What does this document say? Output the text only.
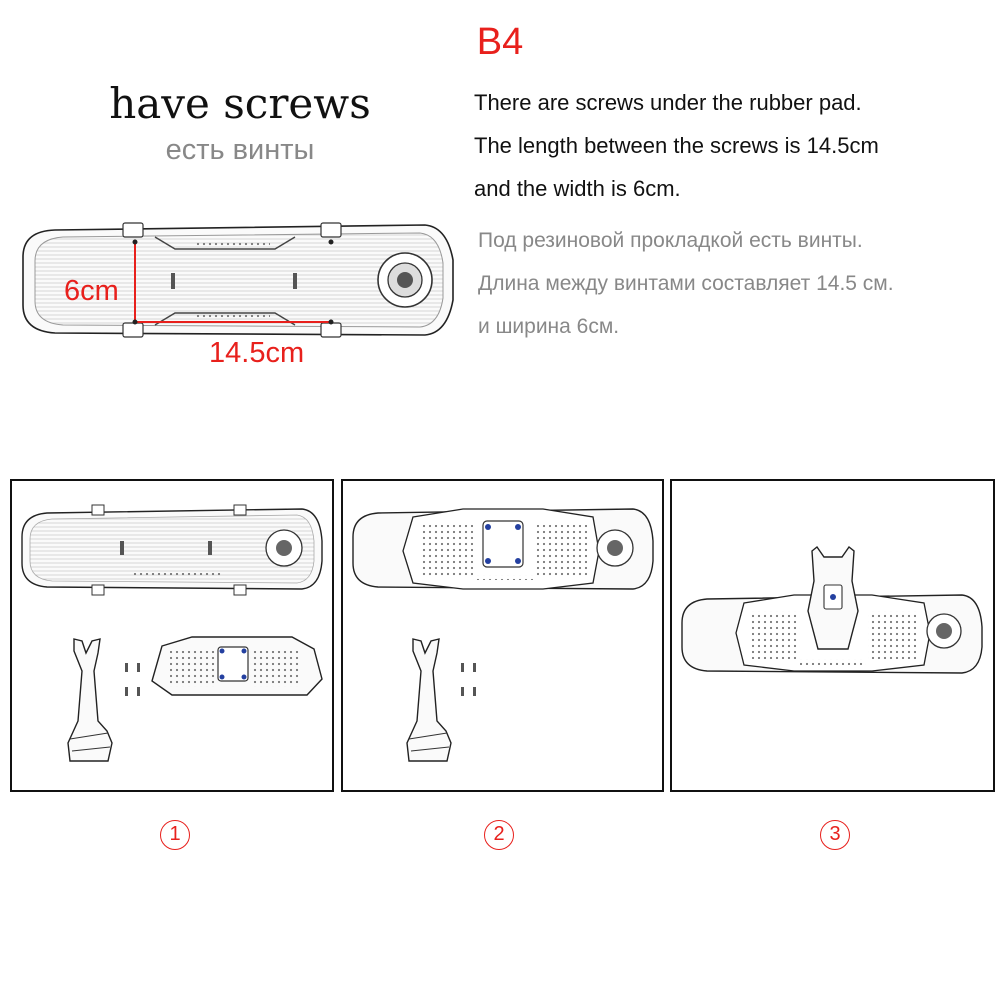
B4
have screws
есть винты
There are screws under the rubber pad.
The length between the screws is 14.5cm
and the width is 6cm.
Под резиновой прокладкой есть винты.
Длина между винтами составляет 14.5 см.
и ширина 6см.
6cm
14.5cm
1	2	3
